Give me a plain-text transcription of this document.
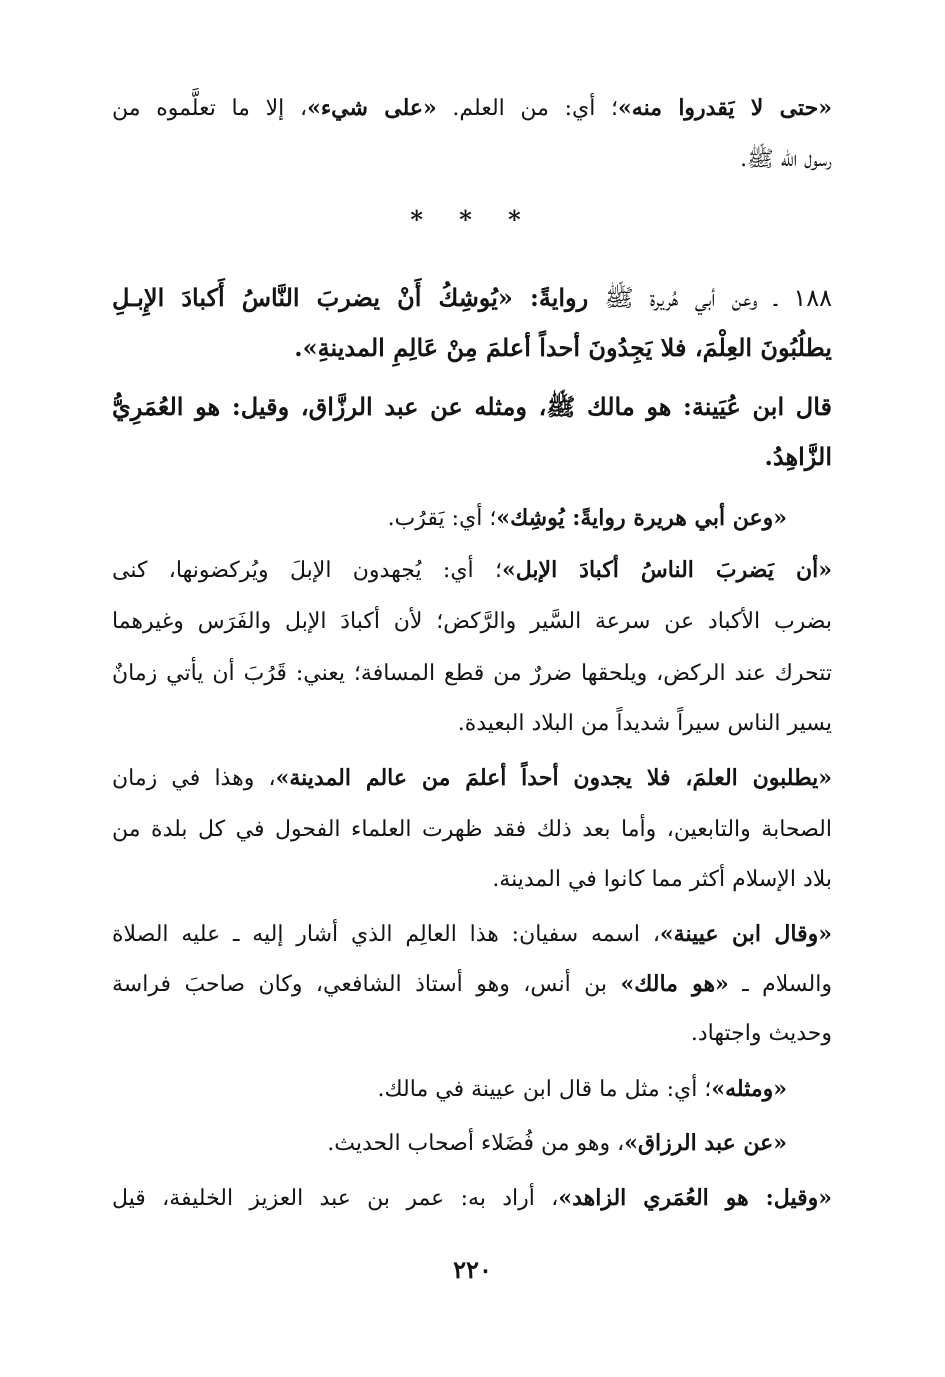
«حتى لا يَقدروا منه»؛ أي: من العلم. «على شيء»، إلا ما تعلَّموه من
رسول الله ﷺ.
* * *
١٨٨ ـ وعن أبي هُريرة ﷺ روايةً: «يُوشِكُ أَنْ يضربَ النَّاسُ أَكبادَ الإِبـلِ
يطلُبُونَ العِلْمَ، فلا يَجِدُونَ أحداً أعلمَ مِنْ عَالِمِ المدينةِ».
قال ابن عُيَينة: هو مالك ﷺ، ومثله عن عبد الرزَّاق، وقيل: هو العُمَرِيُّ
الزَّاهِدُ.
«وعن أبي هريرة روايةً: يُوشِك»؛ أي: يَقرُب.
«أن يَضربَ الناسُ أكبادَ الإبل»؛ أي: يُجهدون الإبلَ ويُركضونها، كنى
بضرب الأكباد عن سرعة السَّير والرَّكض؛ لأن أكبادَ الإبل والفَرَس وغيرهما
تتحرك عند الركض، ويلحقها ضررٌ من قطع المسافة؛ يعني: قَرُبَ أن يأتي زمانٌ
يسير الناس سيراً شديداً من البلاد البعيدة.
«يطلبون العلمَ، فلا يجدون أحداً أعلمَ من عالم المدينة»، وهذا في زمان
الصحابة والتابعين، وأما بعد ذلك فقد ظهرت العلماء الفحول في كل بلدة من
بلاد الإسلام أكثر مما كانوا في المدينة.
«وقال ابن عيينة»، اسمه سفيان: هذا العالِم الذي أشار إليه ـ عليه الصلاة
والسلام ـ «هو مالك» بن أنس، وهو أستاذ الشافعي، وكان صاحبَ فراسة
وحديث واجتهاد.
«ومثله»؛ أي: مثل ما قال ابن عيينة في مالك.
«عن عبد الرزاق»، وهو من فُضَلاء أصحاب الحديث.
«وقيل: هو العُمَري الزاهد»، أراد به: عمر بن عبد العزيز الخليفة، قيل
٢٢٠
